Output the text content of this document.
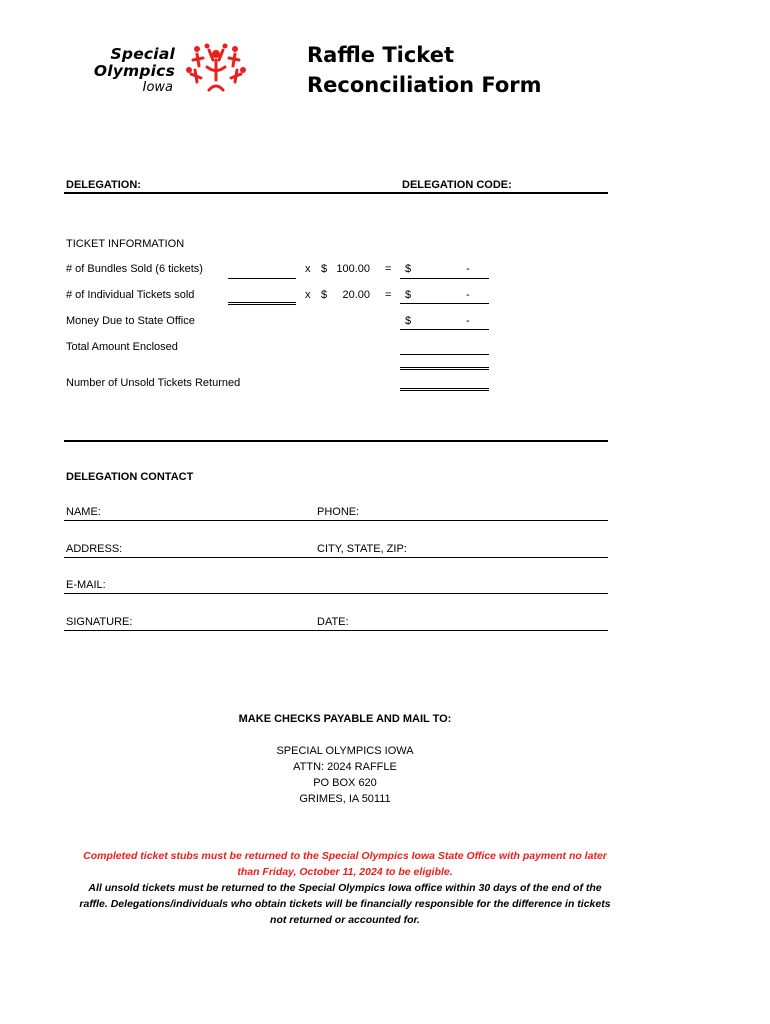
Special
Olympics
Iowa
Raffle Ticket
Reconciliation Form
DELEGATION:	DELEGATION CODE:
TICKET INFORMATION
# of Bundles Sold (6 tickets)	x $ 100.00 = $	-
# of Individual Tickets sold	x $	20.00 = $	-
Money Due to State Office	$	-
Total Amount Enclosed
Number of Unsold Tickets Returned
DELEGATION CONTACT
NAME:	PHONE:
ADDRESS:	CITY, STATE, ZIP:
E-MAIL:
SIGNATURE:	DATE:
MAKE CHECKS PAYABLE AND MAIL TO:
SPECIAL OLYMPICS IOWA
ATTN: 2024 RAFFLE
PO BOX 620
GRIMES, IA 50111
Completed ticket stubs must be returned to the Special Olympics Iowa State Office with payment no later
than Friday, October 11, 2024 to be eligible.
All unsold tickets must be returned to the Special Olympics Iowa office within 30 days of the end of the
raffle. Delegations/individuals who obtain tickets will be financially responsible for the difference in tickets
not returned or accounted for.
